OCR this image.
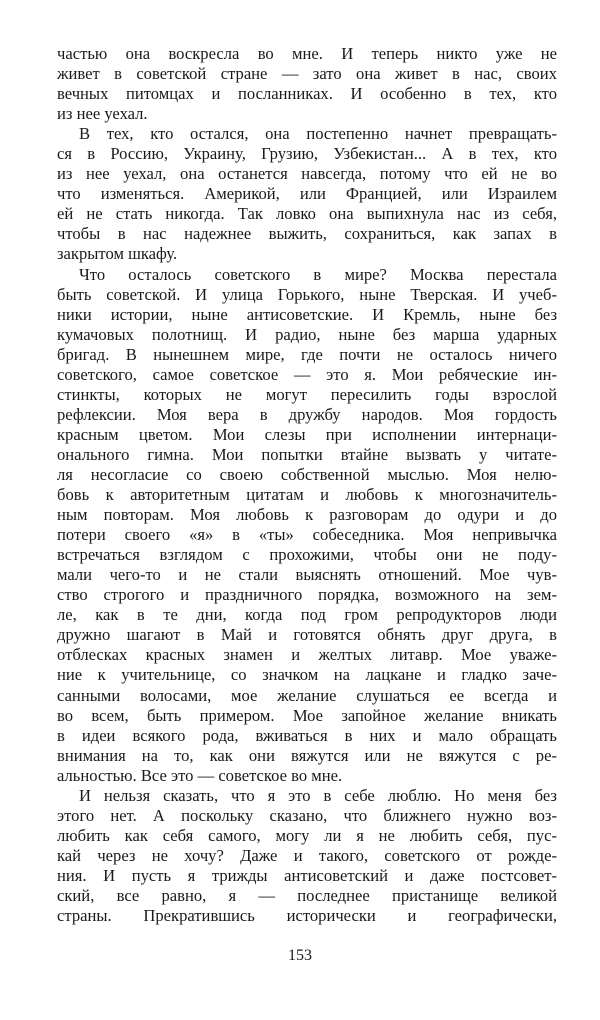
частью она воскресла во мне. И теперь никто уже не
живет в советской стране — зато она живет в нас, своих
вечных питомцах и посланниках. И особенно в тех, кто
из нее уехал.
В тех, кто остался, она постепенно начнет превращать-
ся в Россию, Украину, Грузию, Узбекистан... А в тех, кто
из нее уехал, она останется навсегда, потому что ей не во
что изменяться. Америкой, или Францией, или Израилем
ей не стать никогда. Так ловко она выпихнула нас из себя,
чтобы в нас надежнее выжить, сохраниться, как запах в
закрытом шкафу.
Что осталось советского в мире? Москва перестала
быть советской. И улица Горького, ныне Тверская. И учеб-
ники истории, ныне антисоветские. И Кремль, ныне без
кумачовых полотнищ. И радио, ныне без марша ударных
бригад. В нынешнем мире, где почти не осталось ничего
советского, самое советское — это я. Мои ребяческие ин-
стинкты, которых не могут пересилить годы взрослой
рефлексии. Моя вера в дружбу народов. Моя гордость
красным цветом. Мои слезы при исполнении интернаци-
онального гимна. Мои попытки втайне вызвать у читате-
ля несогласие со своею собственной мыслью. Моя нелю-
бовь к авторитетным цитатам и любовь к многозначитель-
ным повторам. Моя любовь к разговорам до одури и до
потери своего «я» в «ты» собеседника. Моя непривычка
встречаться взглядом с прохожими, чтобы они не поду-
мали чего-то и не стали выяснять отношений. Мое чув-
ство строгого и праздничного порядка, возможного на зем-
ле, как в те дни, когда под гром репродукторов люди
дружно шагают в Май и готовятся обнять друг друга, в
отблесках красных знамен и желтых литавр. Мое уваже-
ние к учительнице, со значком на лацкане и гладко зачe-
санными волосами, мое желание слушаться ее всегда и
во всем, быть примером. Мое запойное желание вникать
в идеи всякого рода, вживаться в них и мало обращать
внимания на то, как они вяжутся или не вяжутся с ре-
альностью. Все это — советское во мне.
И нельзя сказать, что я это в себе люблю. Но меня без
этого нет. А поскольку сказано, что ближнего нужно воз-
любить как себя самого, могу ли я не любить себя, пус-
кай через не хочу? Даже и такого, советского от рожде-
ния. И пусть я трижды антисоветский и даже постсовет-
ский, все равно, я — последнее пристанище великой
страны. Прекратившись исторически и географически,
153
